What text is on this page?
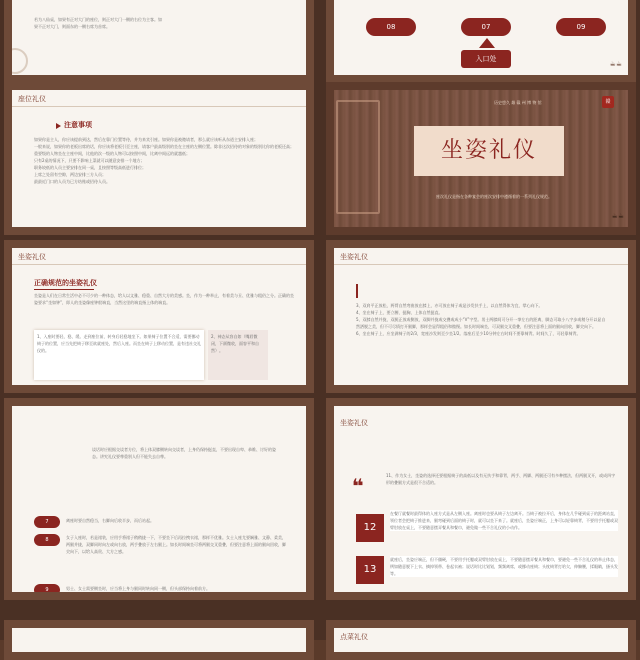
若为八仙桌，如果有正对大门的座位，则正对大门一侧的右位为主客。如果不正对大门，则面东的一侧右席为首席。	08	07	09
入口处
☕☕
座位礼仪
注意事项
如果你是主人，你应该提前到达，然后在靠门位置等待，并为来宾引座。如果你是被邀请者，那么就应该听从东道主安排入座；
一般来说，如果你的老板出席的话，你应该将老板引至主座，请客户最高级别的坐在主座的左侧位置。除非这次招待的对象的级别比你的老板还高；
重要级的人物坐在主座中间，比他的次一级的人物可以按照中间，比离中间远的就越低；
只有2桌的情况下，只要不影响上菜就可以随意安排一个地方；
职务较低的人员主要安排在同一桌，且按照等级高低进行排位；
上席之处留有空隙，两边安排三方人员；
最最近门口的人员为已方结账或招待人员。
历史悠久 雄 赣 州 博 物 馆	赣
坐姿礼仪
座次礼仪是指在各种宴会的座次安排中遵循着的一系列礼仪规范。
☕☕
坐姿礼仪
正确规范的坐姿礼仪
坐姿是人们在日常生活中必不可少的一种体态，给人以文雅、稳重、自然大方的美感。坐，作为一种举止，有着美与丑、优雅与粗俗之分。正确的坐姿要求“坐如钟”，即人的坐姿像座钟般端直，当然这里的端直指上体的端直。
1、入座时要轻、稳、缓。走到座位前，转身后轻稳地坐下。如果椅子位置不合适，需要挪动椅子的位置，应当先把椅子移至欲就座处，然后入座。而坐在椅子上移动位置，是有违社交礼仪的。
2、神态从容自如（嘴唇微闭，下颌微收，面容平和自然）。
坐姿礼仪
3、双肩平正放松，两臂自然弯曲放在膝上，亦可放在椅子或是沙发扶手上，以自然得体为宜，掌心向下。
4、坐在椅子上，要立腰、挺胸，上体自然挺直。
5、双膝自然并拢，双腿正放或侧放，双脚并拢或交叠或成小“V”字型。男士两膝间可分开一拳左右的距离，脚态可取小八字步或稍分开以显自然洒脱之美，但不可尽情打开腿脚，那样会显得粗俗和傲慢。如长时间端坐，可双腿交叉重叠，但要注意将上面的腿向回收，脚尖向下。
6、坐在椅子上，应坐满椅子的2/3，宽座沙发则至少坐1/2。落座后至少10分钟左右时间不要靠椅背。时间久了，可轻靠椅背。
谈话时应根据交谈者方位，将上体双膝侧转向交谈者，上身仍保持挺直，不要出现自卑、恭维、讨好的姿态。讲究礼仪要尊重别人但不能失去自尊。
7	离座时要自然稳当，右脚向后收半步，而后站起。
8	女子入座时，若是裙装，应用手将裙子稍稍拢一下，不要坐下后再拉拽衣裙，那样不优雅。女士入座尤要娴雅、文静、柔美，两腿并拢，双脚同时向左或向右放，两手叠放于左右腿上。如长时间端坐可将两腿交叉重叠，但要注意将上面的腿向回收，脚尖向下，以给人高贵、大方之感。
9	男士、女士需要侧坐时，应当将上身与腿同时转向同一侧，但头部保持向着前方。
坐姿礼仪
❝	11、作为女士，坐姿的选择还要根据椅子的高低以及有无扶手和靠背，两手、两脚、两腿还可有多种摆法，但两腿叉开，或成四字形的叠腿方式是很不合适的。
12
在餐厅就餐时最得体的入座方式是从左侧入座。离座时也要从椅子左边离开。当椅子被拉开后，身体在几乎碰到桌子的距离站直，领位者会把椅子推进来，腿弯碰到后面的椅子时，就可以坐下来了。就座后，坐姿应端正，上身可以轻靠椅背，不要用手托腮或双臂肘放在桌上，不要随意摆弄餐具和餐巾，避免做一些不合礼仪的小动作。
13
就座后，坐姿应端正，但不僵硬，不要用手托腮或双臂肘放在桌上，不要随意摆弄餐具和餐巾，要避免一些不合礼仪的举止体态，例如随意脱下上衣、摘掉领带、卷起衣袖；说话时比比划划，频频离席，或挪动座椅；头枕椅背打哈欠，伸懒腰，揉眼睛，搔头发等。
点菜礼仪
